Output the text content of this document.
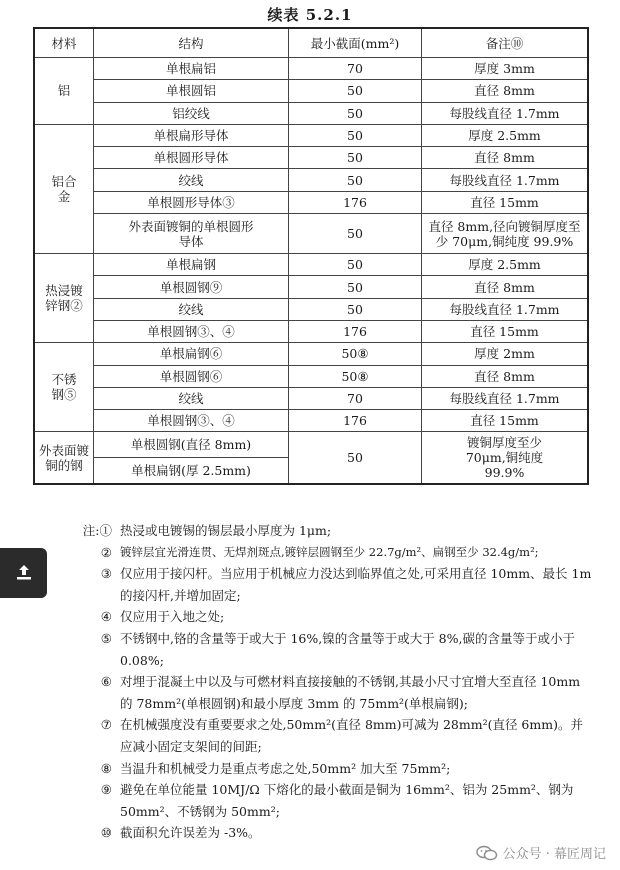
续表 5.2.1
材料	结构	最小截面(mm²)	备注⑩
铝	单根扁铝	70	厚度 3mm
	单根圆铝	50	直径 8mm
	铝绞线	50	每股线直径 1.7mm
铝合金	单根扁形导体	50	厚度 2.5mm
	单根圆形导体	50	直径 8mm
	绞线	50	每股线直径 1.7mm
	单根圆形导体③	176	直径 15mm
	外表面镀铜的单根圆形导体	50	直径 8mm,径向镀铜厚度至少 70μm,铜纯度 99.9%
热浸镀锌钢②	单根扁钢	50	厚度 2.5mm
	单根圆钢⑨	50	直径 8mm
	绞线	50	每股线直径 1.7mm
	单根圆钢③、④	176	直径 15mm
不锈钢⑤	单根扁钢⑥	50⑧	厚度 2mm
	单根圆钢⑥	50⑧	直径 8mm
	绞线	70	每股线直径 1.7mm
	单根圆钢③、④	176	直径 15mm
外表面镀铜的钢	单根圆钢(直径 8mm)	50	镀铜厚度至少 70μm,铜纯度 99.9%
	单根扁钢(厚 2.5mm)		
注:① 热浸或电镀锡的锡层最小厚度为 1μm;
② 镀锌层宜光滑连贯、无焊剂斑点,镀锌层圆钢至少 22.7g/m²、扁钢至少 32.4g/m²;
③ 仅应用于接闪杆。当应用于机械应力没达到临界值之处,可采用直径 10mm、最长 1m 的接闪杆,并增加固定;
④ 仅应用于入地之处;
⑤ 不锈钢中,铬的含量等于或大于 16%,镍的含量等于或大于 8%,碳的含量等于或小于 0.08%;
⑥ 对埋于混凝土中以及与可燃材料直接接触的不锈钢,其最小尺寸宜增大至直径 10mm 的 78mm²(单根圆钢)和最小厚度 3mm 的 75mm²(单根扁钢);
⑦ 在机械强度没有重要要求之处,50mm²(直径 8mm)可减为 28mm²(直径 6mm)。并应减小固定支架间的间距;
⑧ 当温升和机械受力是重点考虑之处,50mm² 加大至 75mm²;
⑨ 避免在单位能量 10MJ/Ω 下熔化的最小截面是铜为 16mm²、铝为 25mm²、钢为 50mm²、不锈钢为 50mm²;
⑩ 截面积允许误差为 -3%。
公众号 · 幕匠周记
